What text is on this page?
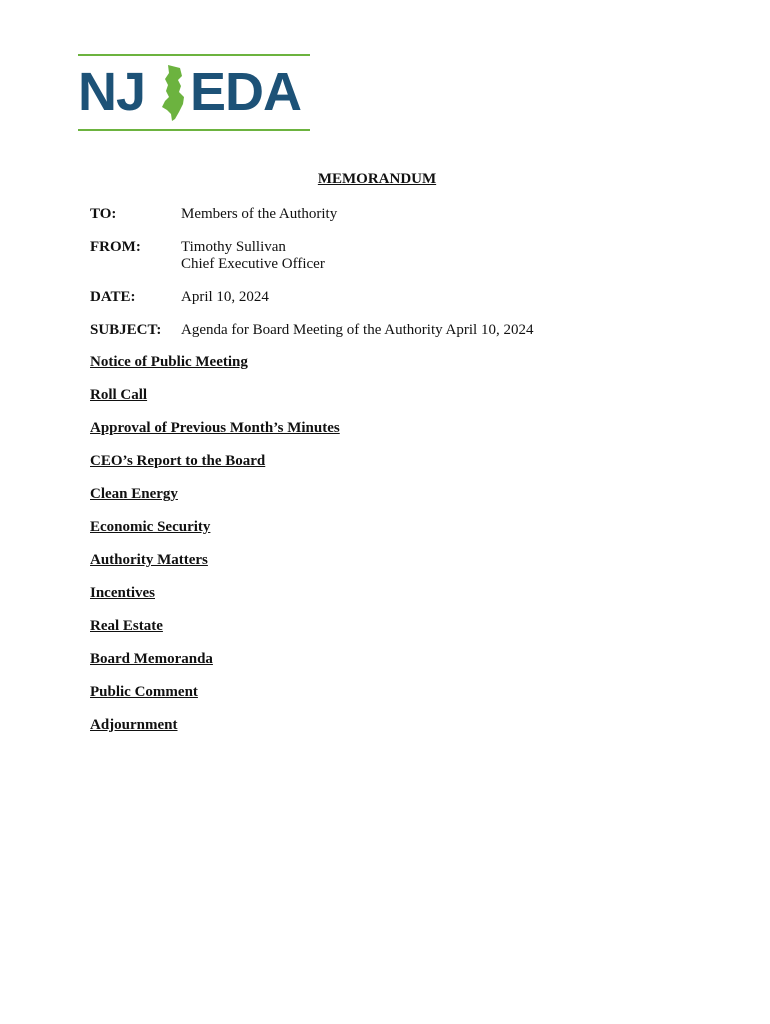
NJ EDA
MEMORANDUM
TO:	Members of the Authority
FROM:	Timothy Sullivan
Chief Executive Officer
DATE:	April 10, 2024
SUBJECT: Agenda for Board Meeting of the Authority April 10, 2024
Notice of Public Meeting
Roll Call
Approval of Previous Month’s Minutes
CEO’s Report to the Board
Clean Energy
Economic Security
Authority Matters
Incentives
Real Estate
Board Memoranda
Public Comment
Adjournment
